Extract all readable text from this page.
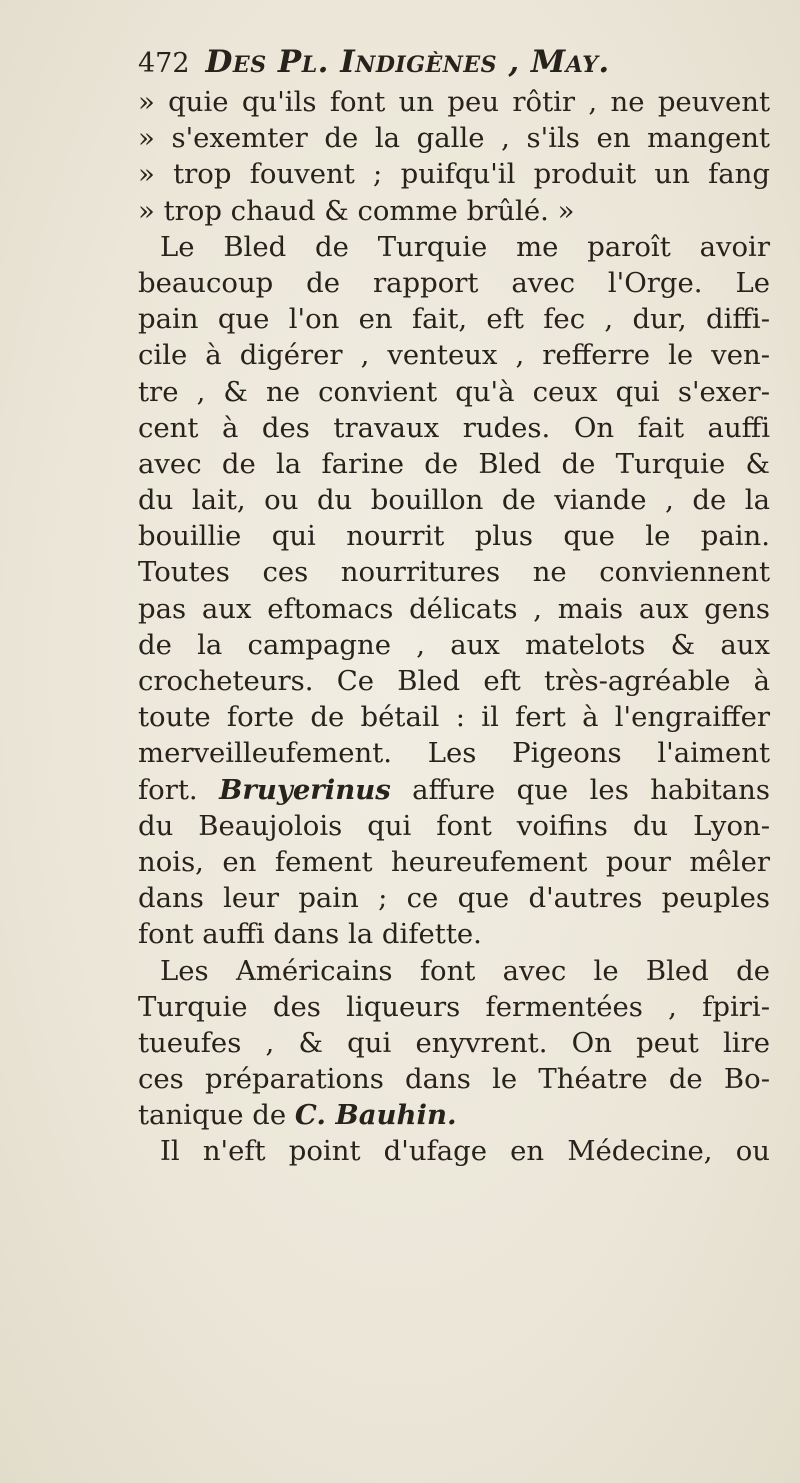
472 Des Pl. Indigènes , May.
» quie qu'ils font un peu rôtir , ne peuvent
» s'exemter de la galle , s'ils en mangent
» trop fouvent ; puifqu'il produit un fang
» trop chaud & comme brûlé. »
Le Bled de Turquie me paroît avoir
beaucoup de rapport avec l'Orge. Le
pain que l'on en fait, eft fec , dur, diffi-
cile à digérer , venteux , refferre le ven-
tre , & ne convient qu'à ceux qui s'exer-
cent à des travaux rudes. On fait auffi
avec de la farine de Bled de Turquie &
du lait, ou du bouillon de viande , de la
bouillie qui nourrit plus que le pain.
Toutes ces nourritures ne conviennent
pas aux eftomacs délicats , mais aux gens
de la campagne , aux matelots & aux
crocheteurs. Ce Bled eft très-agréable à
toute forte de bétail : il fert à l'engraiffer
merveilleufement. Les Pigeons l'aiment
fort. Bruyerinus affure que les habitans
du Beaujolois qui font voifins du Lyon-
nois, en fement heureufement pour mêler
dans leur pain ; ce que d'autres peuples
font auffi dans la difette.
Les Américains font avec le Bled de
Turquie des liqueurs fermentées , fpiri-
tueufes , & qui enyvrent. On peut lire
ces préparations dans le Théatre de Bo-
tanique de C. Bauhin.
Il n'eft point d'ufage en Médecine, ou
